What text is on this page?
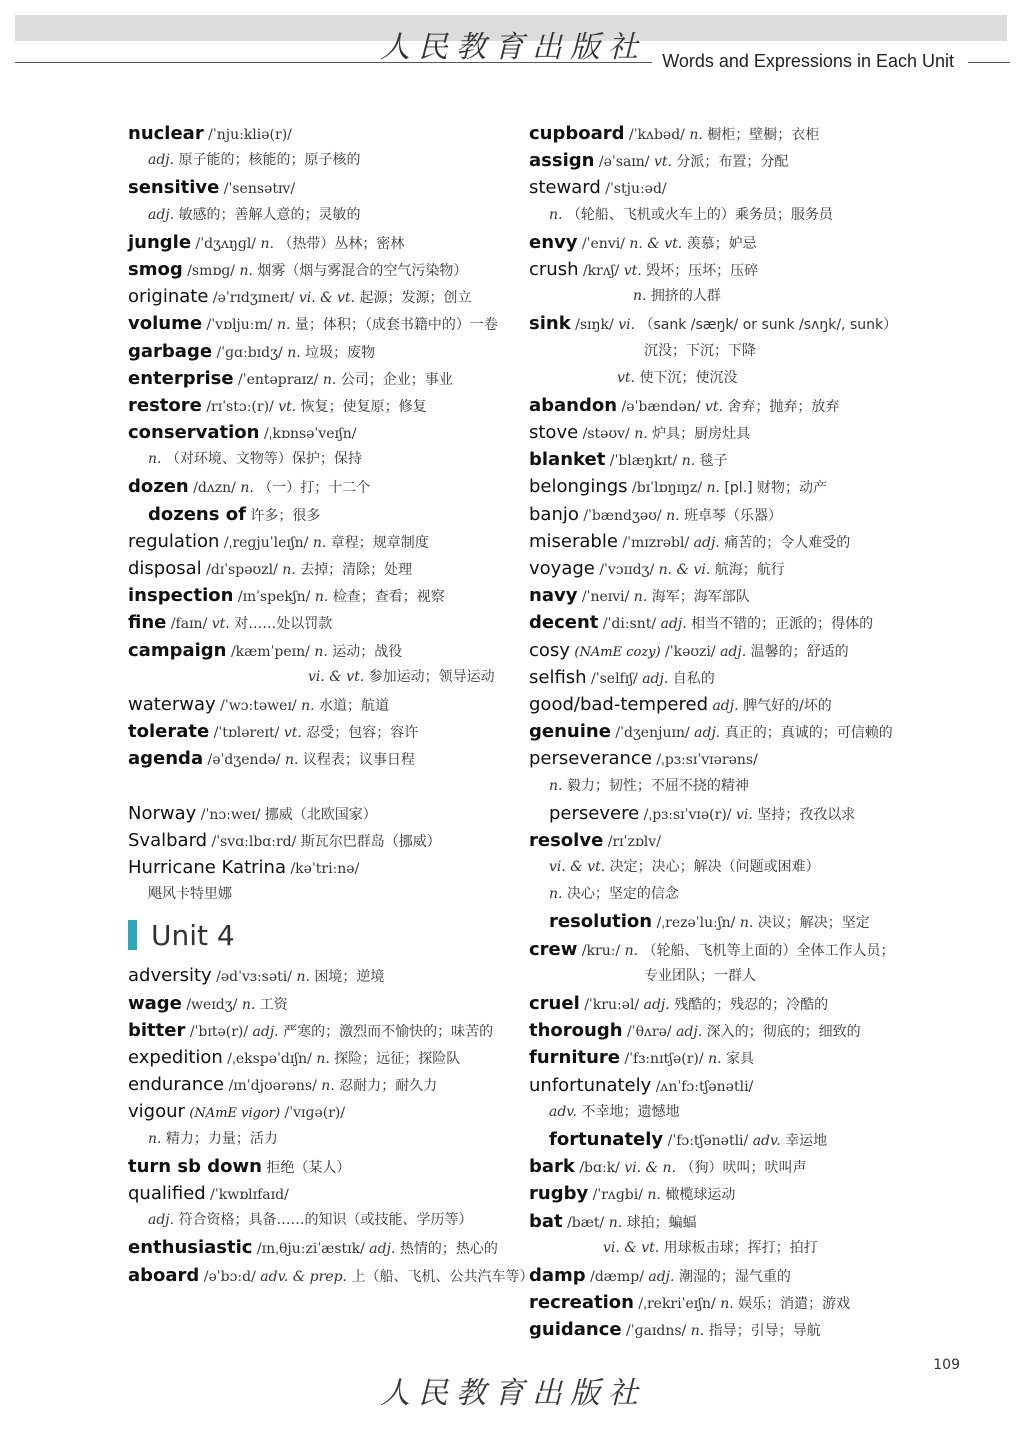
人民教育出版社 Words and Expressions in Each Unit
nuclear /ˈnjuːkliə(r)/
adj. 原子能的；核能的；原子核的
sensitive /ˈsensətɪv/
adj. 敏感的；善解人意的；灵敏的
jungle /ˈdʒʌŋɡl/ n. （热带）丛林；密林
smog /smɒɡ/ n. 烟雾（烟与雾混合的空气污染物）
originate /əˈrɪdʒɪneɪt/ vi. & vt. 起源；发源；创立
volume /ˈvɒljuːm/ n. 量；体积；（成套书籍中的）一卷
garbage /ˈɡɑːbɪdʒ/ n. 垃圾；废物
enterprise /ˈentəpraɪz/ n. 公司；企业；事业
restore /rɪˈstɔː(r)/ vt. 恢复；使复原；修复
conservation /ˌkɒnsəˈveɪʃn/
n. （对环境、文物等）保护；保持
dozen /dʌzn/ n. （一）打；十二个
dozens of 许多；很多
regulation /ˌreɡjuˈleɪʃn/ n. 章程；规章制度
disposal /dɪˈspəʊzl/ n. 去掉；清除；处理
inspection /ɪnˈspekʃn/ n. 检查；查看；视察
fine /faɪn/ vt. 对……处以罚款
campaign /kæmˈpeɪn/ n. 运动；战役
vi. & vt. 参加运动；领导运动
waterway /ˈwɔːtəweɪ/ n. 水道；航道
tolerate /ˈtɒləreɪt/ vt. 忍受；包容；容许
agenda /əˈdʒendə/ n. 议程表；议事日程
Norway /ˈnɔːweɪ/ 挪威（北欧国家）
Svalbard /ˈsvɑːlbɑːrd/ 斯瓦尔巴群岛（挪威）
Hurricane Katrina /kəˈtriːnə/
飓风卡特里娜
Unit 4
adversity /ədˈvɜːsəti/ n. 困境；逆境
wage /weɪdʒ/ n. 工资
bitter /ˈbɪtə(r)/ adj. 严寒的；激烈而不愉快的；味苦的
expedition /ˌekspəˈdɪʃn/ n. 探险；远征；探险队
endurance /ɪnˈdjʊərəns/ n. 忍耐力；耐久力
vigour (NAmE vigor) /ˈvɪɡə(r)/
n. 精力；力量；活力
turn sb down 拒绝（某人）
qualified /ˈkwɒlɪfaɪd/
adj. 符合资格；具备……的知识（或技能、学历等）
enthusiastic /ɪnˌθjuːziˈæstɪk/ adj. 热情的；热心的
aboard /əˈbɔːd/ adv. & prep. 上（船、飞机、公共汽车等）
cupboard /ˈkʌbəd/ n. 橱柜；壁橱；衣柜
assign /əˈsaɪn/ vt. 分派；布置；分配
steward /ˈstjuːəd/
n. （轮船、飞机或火车上的）乘务员；服务员
envy /ˈenvi/ n. & vt. 羡慕；妒忌
crush /krʌʃ/ vt. 毁坏；压坏；压碎
n. 拥挤的人群
sink /sɪŋk/ vi. （sank /sæŋk/ or sunk /sʌŋk/, sunk）
沉没；下沉；下降
vt. 使下沉；使沉没
abandon /əˈbændən/ vt. 舍弃；抛弃；放弃
stove /stəʊv/ n. 炉具；厨房灶具
blanket /ˈblæŋkɪt/ n. 毯子
belongings /bɪˈlɒŋɪŋz/ n. [pl.] 财物；动产
banjo /ˈbændʒəʊ/ n. 班卓琴（乐器）
miserable /ˈmɪzrəbl/ adj. 痛苦的；令人难受的
voyage /ˈvɔɪɪdʒ/ n. & vi. 航海；航行
navy /ˈneɪvi/ n. 海军；海军部队
decent /ˈdiːsnt/ adj. 相当不错的；正派的；得体的
cosy (NAmE cozy) /ˈkəʊzi/ adj. 温馨的；舒适的
selfish /ˈselfɪʃ/ adj. 自私的
good/bad-tempered adj. 脾气好的/坏的
genuine /ˈdʒenjuɪn/ adj. 真正的；真诚的；可信赖的
perseverance /ˌpɜːsɪˈvɪərəns/
n. 毅力；韧性；不屈不挠的精神
persevere /ˌpɜːsɪˈvɪə(r)/ vi. 坚持；孜孜以求
resolve /rɪˈzɒlv/
vi. & vt. 决定；决心；解决（问题或困难）
n. 决心；坚定的信念
resolution /ˌrezəˈluːʃn/ n. 决议；解决；坚定
crew /kruː/ n. （轮船、飞机等上面的）全体工作人员；
专业团队；一群人
cruel /ˈkruːəl/ adj. 残酷的；残忍的；冷酷的
thorough /ˈθʌrə/ adj. 深入的；彻底的；细致的
furniture /ˈfɜːnɪtʃə(r)/ n. 家具
unfortunately /ʌnˈfɔːtʃənətli/
adv. 不幸地；遗憾地
fortunately /ˈfɔːtʃənətli/ adv. 幸运地
bark /bɑːk/ vi. & n. （狗）吠叫；吠叫声
rugby /ˈrʌɡbi/ n. 橄榄球运动
bat /bæt/ n. 球拍；蝙蝠
vi. & vt. 用球板击球；挥打；拍打
damp /dæmp/ adj. 潮湿的；湿气重的
recreation /ˌrekriˈeɪʃn/ n. 娱乐；消遣；游戏
guidance /ˈɡaɪdns/ n. 指导；引导；导航
109
人民教育出版社
